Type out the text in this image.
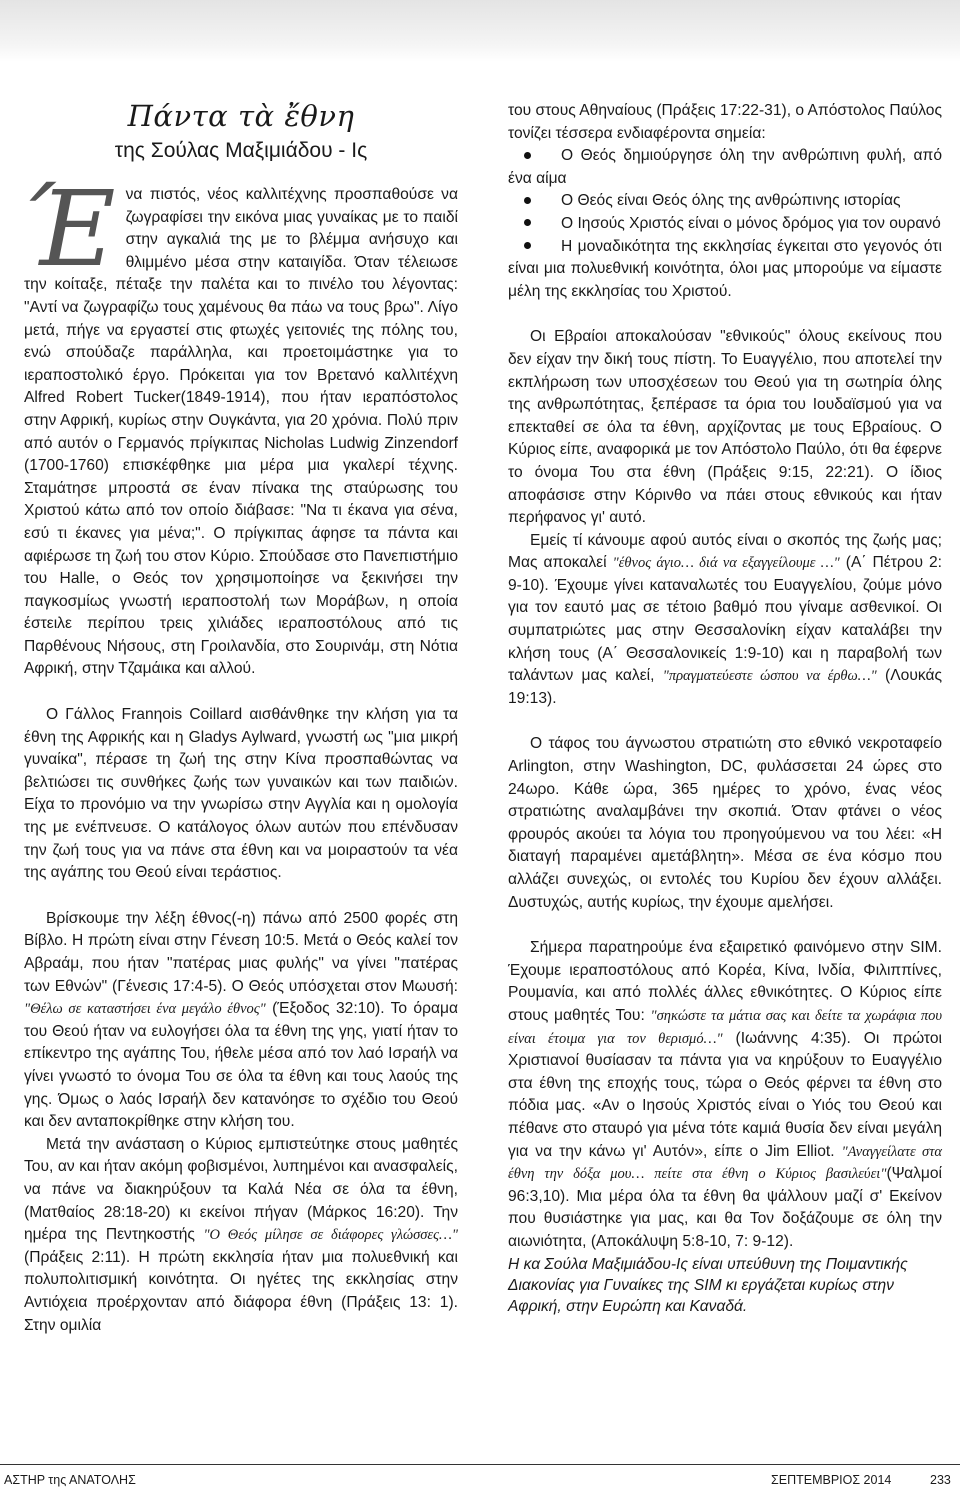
Πάντα τὰ ἔθνη

της Σούλας Μαξιμιάδου - Ις

Ένα πιστός, νέος καλλιτέχνης προσπαθούσε να ζωγραφίσει την εικόνα μιας γυναίκας με το παιδί στην αγκαλιά της με το βλέμμα ανήσυχο και θλιμμένο μέσα στην καταιγίδα. Όταν τέλειωσε την κοίταξε, πέταξε την παλέτα και το πινέλο του λέγοντας: "Αντί να ζωγραφίζω τους χαμένους θα πάω να τους βρω". Λίγο μετά, πήγε να εργαστεί στις φτωχές γειτονιές της πόλης του, ενώ σπούδαζε παράλληλα, και προετοιμάστηκε για το ιεραποστολικό έργο. Πρόκειται για τον Βρετανό καλλιτέχνη Alfred Robert Tucker(1849-1914), που ήταν ιεραπόστολος στην Αφρική, κυρίως στην Ουγκάντα, για 20 χρόνια. Πολύ πριν από αυτόν ο Γερμανός πρίγκιπας Nicholas Ludwig Zinzendorf (1700-1760) επισκέφθηκε μια μέρα μια γκαλερί τέχνης. Σταμάτησε μπροστά σε έναν πίνακα της σταύρωσης του Χριστού κάτω από τον οποίο διάβασε: "Να τι έκανα για σένα, εσύ τι έκανες για μένα;". Ο πρίγκιπας άφησε τα πάντα και αφιέρωσε τη ζωή του στον Κύριο. Σπούδασε στο Πανεπιστήμιο του Halle, ο Θεός τον χρησιμοποίησε να ξεκινήσει την παγκοσμίως γνωστή ιεραποστολή των Μοράβων, η οποία έστειλε περίπου τρεις χιλιάδες ιεραποστόλους από τις Παρθένους Νήσους, στη Γροιλανδία, στο Σουρινάμ, στη Νότια Αφρική, στην Τζαμάικα και αλλού.

Ο Γάλλος Franηois Coillard αισθάνθηκε την κλήση για τα έθνη της Αφρικής και η Gladys Aylward, γνωστή ως "μια μικρή γυναίκα", πέρασε τη ζωή της στην Κίνα προσπαθώντας να βελτιώσει τις συνθήκες ζωής των γυναικών και των παιδιών. Είχα το προνόμιο να την γνωρίσω στην Αγγλία και η ομολογία της με ενέπνευσε. Ο κατάλογος όλων αυτών που επένδυσαν την ζωή τους για να πάνε στα έθνη και να μοιραστούν τα νέα της αγάπης του Θεού είναι τεράστιος.

Βρίσκουμε την λέξη έθνος(-η) πάνω από 2500 φορές στη Βίβλο. Η πρώτη είναι στην Γένεση 10:5. Μετά ο Θεός καλεί τον Αβραάμ, που ήταν "πατέρας μιας φυλής" να γίνει "πατέρας των Εθνών" (Γένεσις 17:4-5). Ο Θεός υπόσχεται στον Μωυσή: "Θέλω σε καταστήσει ένα μεγάλο έθνος" (Έξοδος 32:10). Το όραμα του Θεού ήταν να ευλογήσει όλα τα έθνη της γης, γιατί ήταν το επίκεντρο της αγάπης Του, ήθελε μέσα από τον λαό Ισραήλ να γίνει γνωστό το όνομα Του σε όλα τα έθνη και τους λαούς της γης. Όμως ο λαός Ισραήλ δεν κατανόησε το σχέδιο του Θεού και δεν ανταποκρίθηκε στην κλήση του.

Μετά την ανάσταση ο Κύριος εμπιστεύτηκε στους μαθητές Του, αν και ήταν ακόμη φοβισμένοι, λυπημένοι και ανασφαλείς, να πάνε να διακηρύξουν τα Καλά Νέα σε όλα τα έθνη, (Ματθαίος 28:18-20) κι εκείνοι πήγαν (Μάρκος 16:20). Την ημέρα της Πεντηκοστής "Ο Θεός μίλησε σε διάφορες γλώσσες…" (Πράξεις 2:11). Η πρώτη εκκλησία ήταν μια πολυεθνική και πολυπολιτισμική κοινότητα. Οι ηγέτες της εκκλησίας στην Αντιόχεια προέρχονταν από διάφορα έθνη (Πράξεις 13: 1). Στην ομιλία

του στους Αθηναίους (Πράξεις 17:22-31), ο Απόστολος Παύλος τονίζει τέσσερα ενδιαφέροντα σημεία:

Ο Θεός δημιούργησε όλη την ανθρώπινη φυλή, από ένα αίμα

Ο Θεός είναι Θεός όλης της ανθρώπινης ιστορίας

Ο Ιησούς Χριστός είναι ο μόνος δρόμος για τον ουρανό

Η μοναδικότητα της εκκλησίας έγκειται στο γεγονός ότι είναι μια πολυεθνική κοινότητα, όλοι μας μπορούμε να είμαστε μέλη της εκκλησίας του Χριστού.

Οι Εβραίοι αποκαλούσαν "εθνικούς" όλους εκείνους που δεν είχαν την δική τους πίστη. Το Ευαγγέλιο, που αποτελεί την εκπλήρωση των υποσχέσεων του Θεού για τη σωτηρία όλης της ανθρωπότητας, ξεπέρασε τα όρια του Ιουδαϊσμού για να επεκταθεί σε όλα τα έθνη, αρχίζοντας με τους Εβραίους. Ο Κύριος είπε, αναφορικά με τον Απόστολο Παύλο, ότι θα έφερνε το όνομα Του στα έθνη (Πράξεις 9:15, 22:21). Ο ίδιος αποφάσισε στην Κόρινθο να πάει στους εθνικούς και ήταν περήφανος γι' αυτό.

Εμείς τί κάνουμε αφού αυτός είναι ο σκοπός της ζωής μας; Μας αποκαλεί "έθνος άγιο… διά να εξαγγείλουμε …" (Α΄ Πέτρου 2: 9-10). Έχουμε γίνει καταναλωτές του Ευαγγελίου, ζούμε μόνο για τον εαυτό μας σε τέτοιο βαθμό που γίναμε ασθενικοί. Οι συμπατριώτες μας στην Θεσσαλονίκη είχαν καταλάβει την κλήση τους (Α΄ Θεσσαλονικείς 1:9-10) και η παραβολή των ταλάντων μας καλεί, "πραγματεύεστε ώσπου να έρθω…" (Λουκάς 19:13).

Ο τάφος του άγνωστου στρατιώτη στο εθνικό νεκροταφείο Arlington, στην Washington, DC, φυλάσσεται 24 ώρες στο 24ωρο. Κάθε ώρα, 365 ημέρες το χρόνο, ένας νέος στρατιώτης αναλαμβάνει την σκοπιά. Όταν φτάνει ο νέος φρουρός ακούει τα λόγια του προηγούμενου να του λέει: «Η διαταγή παραμένει αμετάβλητη». Μέσα σε ένα κόσμο που αλλάζει συνεχώς, οι εντολές του Κυρίου δεν έχουν αλλάξει. Δυστυχώς, αυτής κυρίως, την έχουμε αμελήσει.

Σήμερα παρατηρούμε ένα εξαιρετικό φαινόμενο στην SIM. Έχουμε ιεραποστόλους από Κορέα, Κίνα, Ινδία, Φιλιππίνες, Ρουμανία, και από πολλές άλλες εθνικότητες. Ο Κύριος είπε στους μαθητές Του: "σηκώστε τα μάτια σας και δείτε τα χωράφια που είναι έτοιμα για τον θερισμό…" (Ιωάννης 4:35). Οι πρώτοι Χριστιανοί θυσίασαν τα πάντα για να κηρύξουν το Ευαγγέλιο στα έθνη της εποχής τους, τώρα ο Θεός φέρνει τα έθνη στο πόδια μας. «Αν ο Ιησούς Χριστός είναι ο Υιός του Θεού και πέθανε στο σταυρό για μένα τότε καμιά θυσία δεν είναι μεγάλη για να την κάνω γι' Αυτόν», είπε ο Jim Elliot. "Αναγγείλατε στα έθνη την δόξα μου… πείτε στα έθνη ο Κύριος βασιλεύει"(Ψαλμοί 96:3,10). Μια μέρα όλα τα έθνη θα ψάλλουν μαζί σ' Εκείνον που θυσιάστηκε για μας, και θα Τον δοξάζουμε σε όλη την αιωνιότητα, (Αποκάλυψη 5:8-10, 7: 9-12).

Η κα Σούλα Μαξιμιάδου-Ις είναι υπεύθυνη της Ποιμαντικής Διακονίας για Γυναίκες της SIM κι εργάζεται κυρίως στην Αφρική, στην Ευρώπη και Καναδά.

ΑΣΤΗΡ της ΑΝΑΤΟΛΗΣ	ΣΕΠΤΕΜΒΡΙΟΣ 2014	233
